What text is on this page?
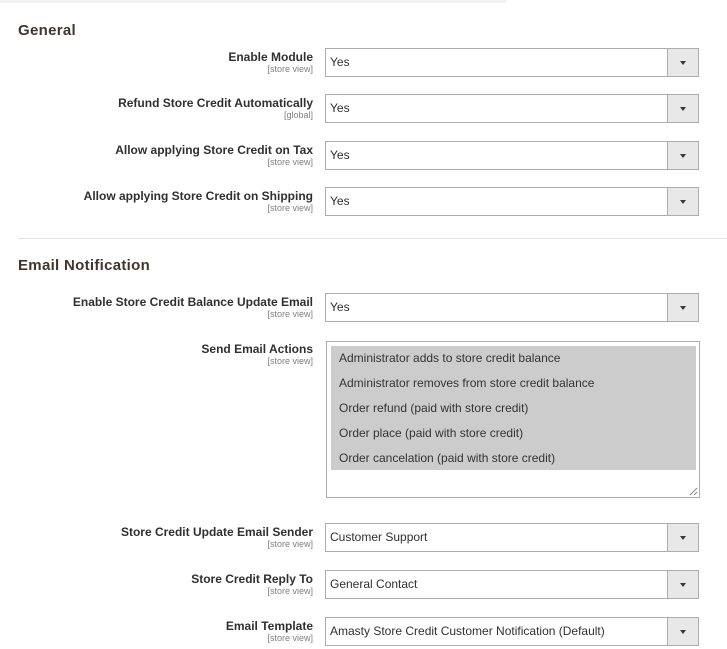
General
Enable Module
[store view] Yes
Refund Store Credit Automatically
[global] Yes
Allow applying Store Credit on Tax
[store view] Yes
Allow applying Store Credit on Shipping
[store view] Yes
Email Notification
Enable Store Credit Balance Update Email
[store view] Yes
Send Email Actions
[store view]	Administrator adds to store credit balance
Administrator removes from store credit balance
Order refund (paid with store credit)
Order place (paid with store credit)
Order cancelation (paid with store credit)
Store Credit Update Email Sender
[store view] Customer Support
Store Credit Reply To
[store view] General Contact
Email Template
[store view] Amasty Store Credit Customer Notification (Default)
